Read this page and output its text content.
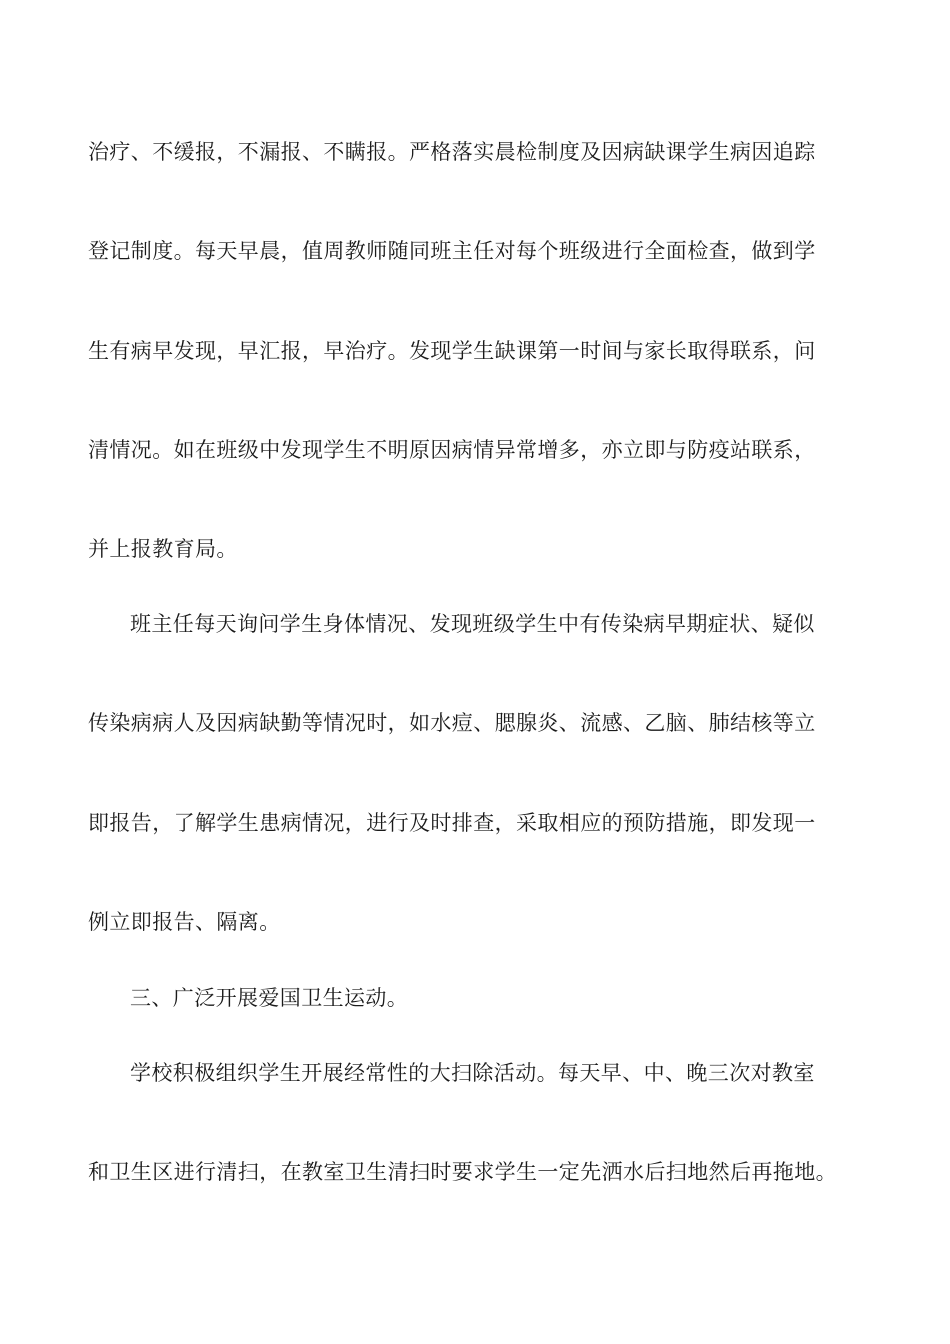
治疗、不缓报，不漏报、不瞒报。严格落实晨检制度及因病缺课学生病因追踪
登记制度。每天早晨，值周教师随同班主任对每个班级进行全面检查，做到学
生有病早发现，早汇报，早治疗。发现学生缺课第一时间与家长取得联系，问
清情况。如在班级中发现学生不明原因病情异常增多，亦立即与防疫站联系，
并上报教育局。
班主任每天询问学生身体情况、发现班级学生中有传染病早期症状、疑似
传染病病人及因病缺勤等情况时，如水痘、腮腺炎、流感、乙脑、肺结核等立
即报告，了解学生患病情况，进行及时排查，采取相应的预防措施，即发现一
例立即报告、隔离。
三、广泛开展爱国卫生运动。
学校积极组织学生开展经常性的大扫除活动。每天早、中、晚三次对教室
和卫生区进行清扫，在教室卫生清扫时要求学生一定先洒水后扫地然后再拖地。
